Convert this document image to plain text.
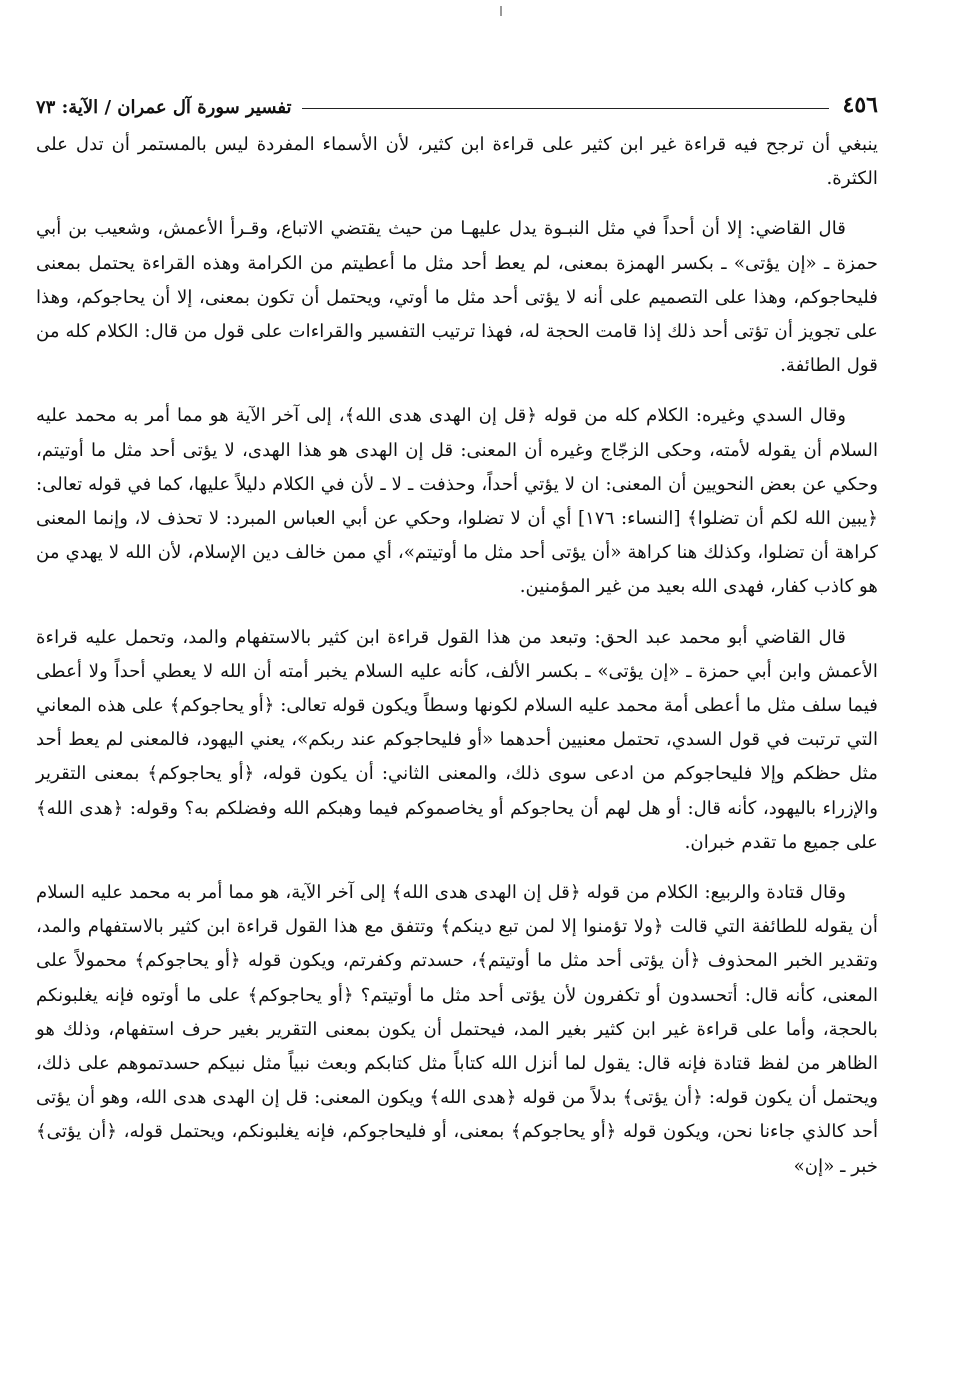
٤٥٦
تفسير سورة آل عمران / الآية: ٧٣

ينبغي أن ترجح فيه قراءة غير ابن كثير على قراءة ابن كثير، لأن الأسماء المفردة ليس بالمستمر أن تدل على الكثرة.

قال القاضي: إلا أن أحداً في مثل النبـوة يدل عليهـا من حيث يقتضي الاتباع، وقـرأ الأعمش، وشعيب بن أبي حمزة ـ «إن يؤتى» ـ بكسر الهمزة بمعنى، لم يعط أحد مثل ما أعطيتم من الكرامة وهذه القراءة يحتمل بمعنى فليحاجوكم، وهذا على التصميم على أنه لا يؤتى أحد مثل ما أوتي، ويحتمل أن تكون بمعنى، إلا أن يحاجوكم، وهذا على تجويز أن تؤتى أحد ذلك إذا قامت الحجة له، فهذا ترتيب التفسير والقراءات على قول من قال: الكلام كله من قول الطائفة.

وقال السدي وغيره: الكلام كله من قوله ﴿قل إن الهدى هدى الله﴾، إلى آخر الآية هو مما أمر به محمد عليه السلام أن يقوله لأمته، وحكى الزجّاج وغيره أن المعنى: قل إن الهدى هو هذا الهدى، لا يؤتى أحد مثل ما أوتيتم، وحكي عن بعض النحويين أن المعنى: ان لا يؤتي أحداً، وحذفت ـ لا ـ لأن في الكلام دليلاً عليها، كما في قوله تعالى: ﴿يبين الله لكم أن تضلوا﴾ [النساء: ١٧٦] أي أن لا تضلوا، وحكي عن أبي العباس المبرد: لا تحذف لا، وإنما المعنى كراهة أن تضلوا، وكذلك هنا كراهة «أن يؤتى أحد مثل ما أوتيتم»، أي ممن خالف دين الإسلام، لأن الله لا يهدي من هو كاذب كفار، فهدى الله بعيد من غير المؤمنين.

قال القاضي أبو محمد عبد الحق: وتبعد من هذا القول قراءة ابن كثير بالاستفهام والمد، وتحمل عليه قراءة الأعمش وابن أبي حمزة ـ «إن يؤتى» ـ بكسر الألف، كأنه عليه السلام يخبر أمته أن الله لا يعطي أحداً ولا أعطى فيما سلف مثل ما أعطى أمة محمد عليه السلام لكونها وسطاً ويكون قوله تعالى: ﴿أو يحاجوكم﴾ على هذه المعاني التي ترتبت في قول السدي، تحتمل معنيين أحدهما «أو فليحاجوكم عند ربكم»، يعني اليهود، فالمعنى لم يعط أحد مثل حظكم وإلا فليحاجوكم من ادعى سوى ذلك، والمعنى الثاني: أن يكون قوله، ﴿أو يحاجوكم﴾ بمعنى التقرير والإزراء باليهود، كأنه قال: أو هل لهم أن يحاجوكم أو يخاصموكم فيما وهبكم الله وفضلكم به؟ وقوله: ﴿هدى الله﴾ على جميع ما تقدم خبران.

وقال قتادة والربيع: الكلام من قوله ﴿قل إن الهدى هدى الله﴾ إلى آخر الآية، هو مما أمر به محمد عليه السلام أن يقوله للطائفة التي قالت ﴿ولا تؤمنوا إلا لمن تبع دينكم﴾ وتتفق مع هذا القول قراءة ابن كثير بالاستفهام والمد، وتقدير الخبر المحذوف ﴿أن يؤتى أحد مثل ما أوتيتم﴾، حسدتم وكفرتم، ويكون قوله ﴿أو يحاجوكم﴾ محمولاً على المعنى، كأنه قال: أتحسدون أو تكفرون لأن يؤتى أحد مثل ما أوتيتم؟ ﴿أو يحاجوكم﴾ على ما أوتوه فإنه يغلبونكم بالحجة، وأما على قراءة غير ابن كثير بغير المد، فيحتمل أن يكون بمعنى التقرير بغير حرف استفهام، وذلك هو الظاهر من لفظ قتادة فإنه قال: يقول لما أنزل الله كتاباً مثل كتابكم وبعث نبياً مثل نبيكم حسدتموهم على ذلك، ويحتمل أن يكون قوله: ﴿أن يؤتى﴾ بدلاً من قوله ﴿هدى الله﴾ ويكون المعنى: قل إن الهدى هدى الله، وهو أن يؤتى أحد كالذي جاءنا نحن، ويكون قوله ﴿أو يحاجوكم﴾ بمعنى، أو فليحاجوكم، فإنه يغلبونكم، ويحتمل قوله، ﴿أن يؤتى﴾ خبر ـ «إن»
